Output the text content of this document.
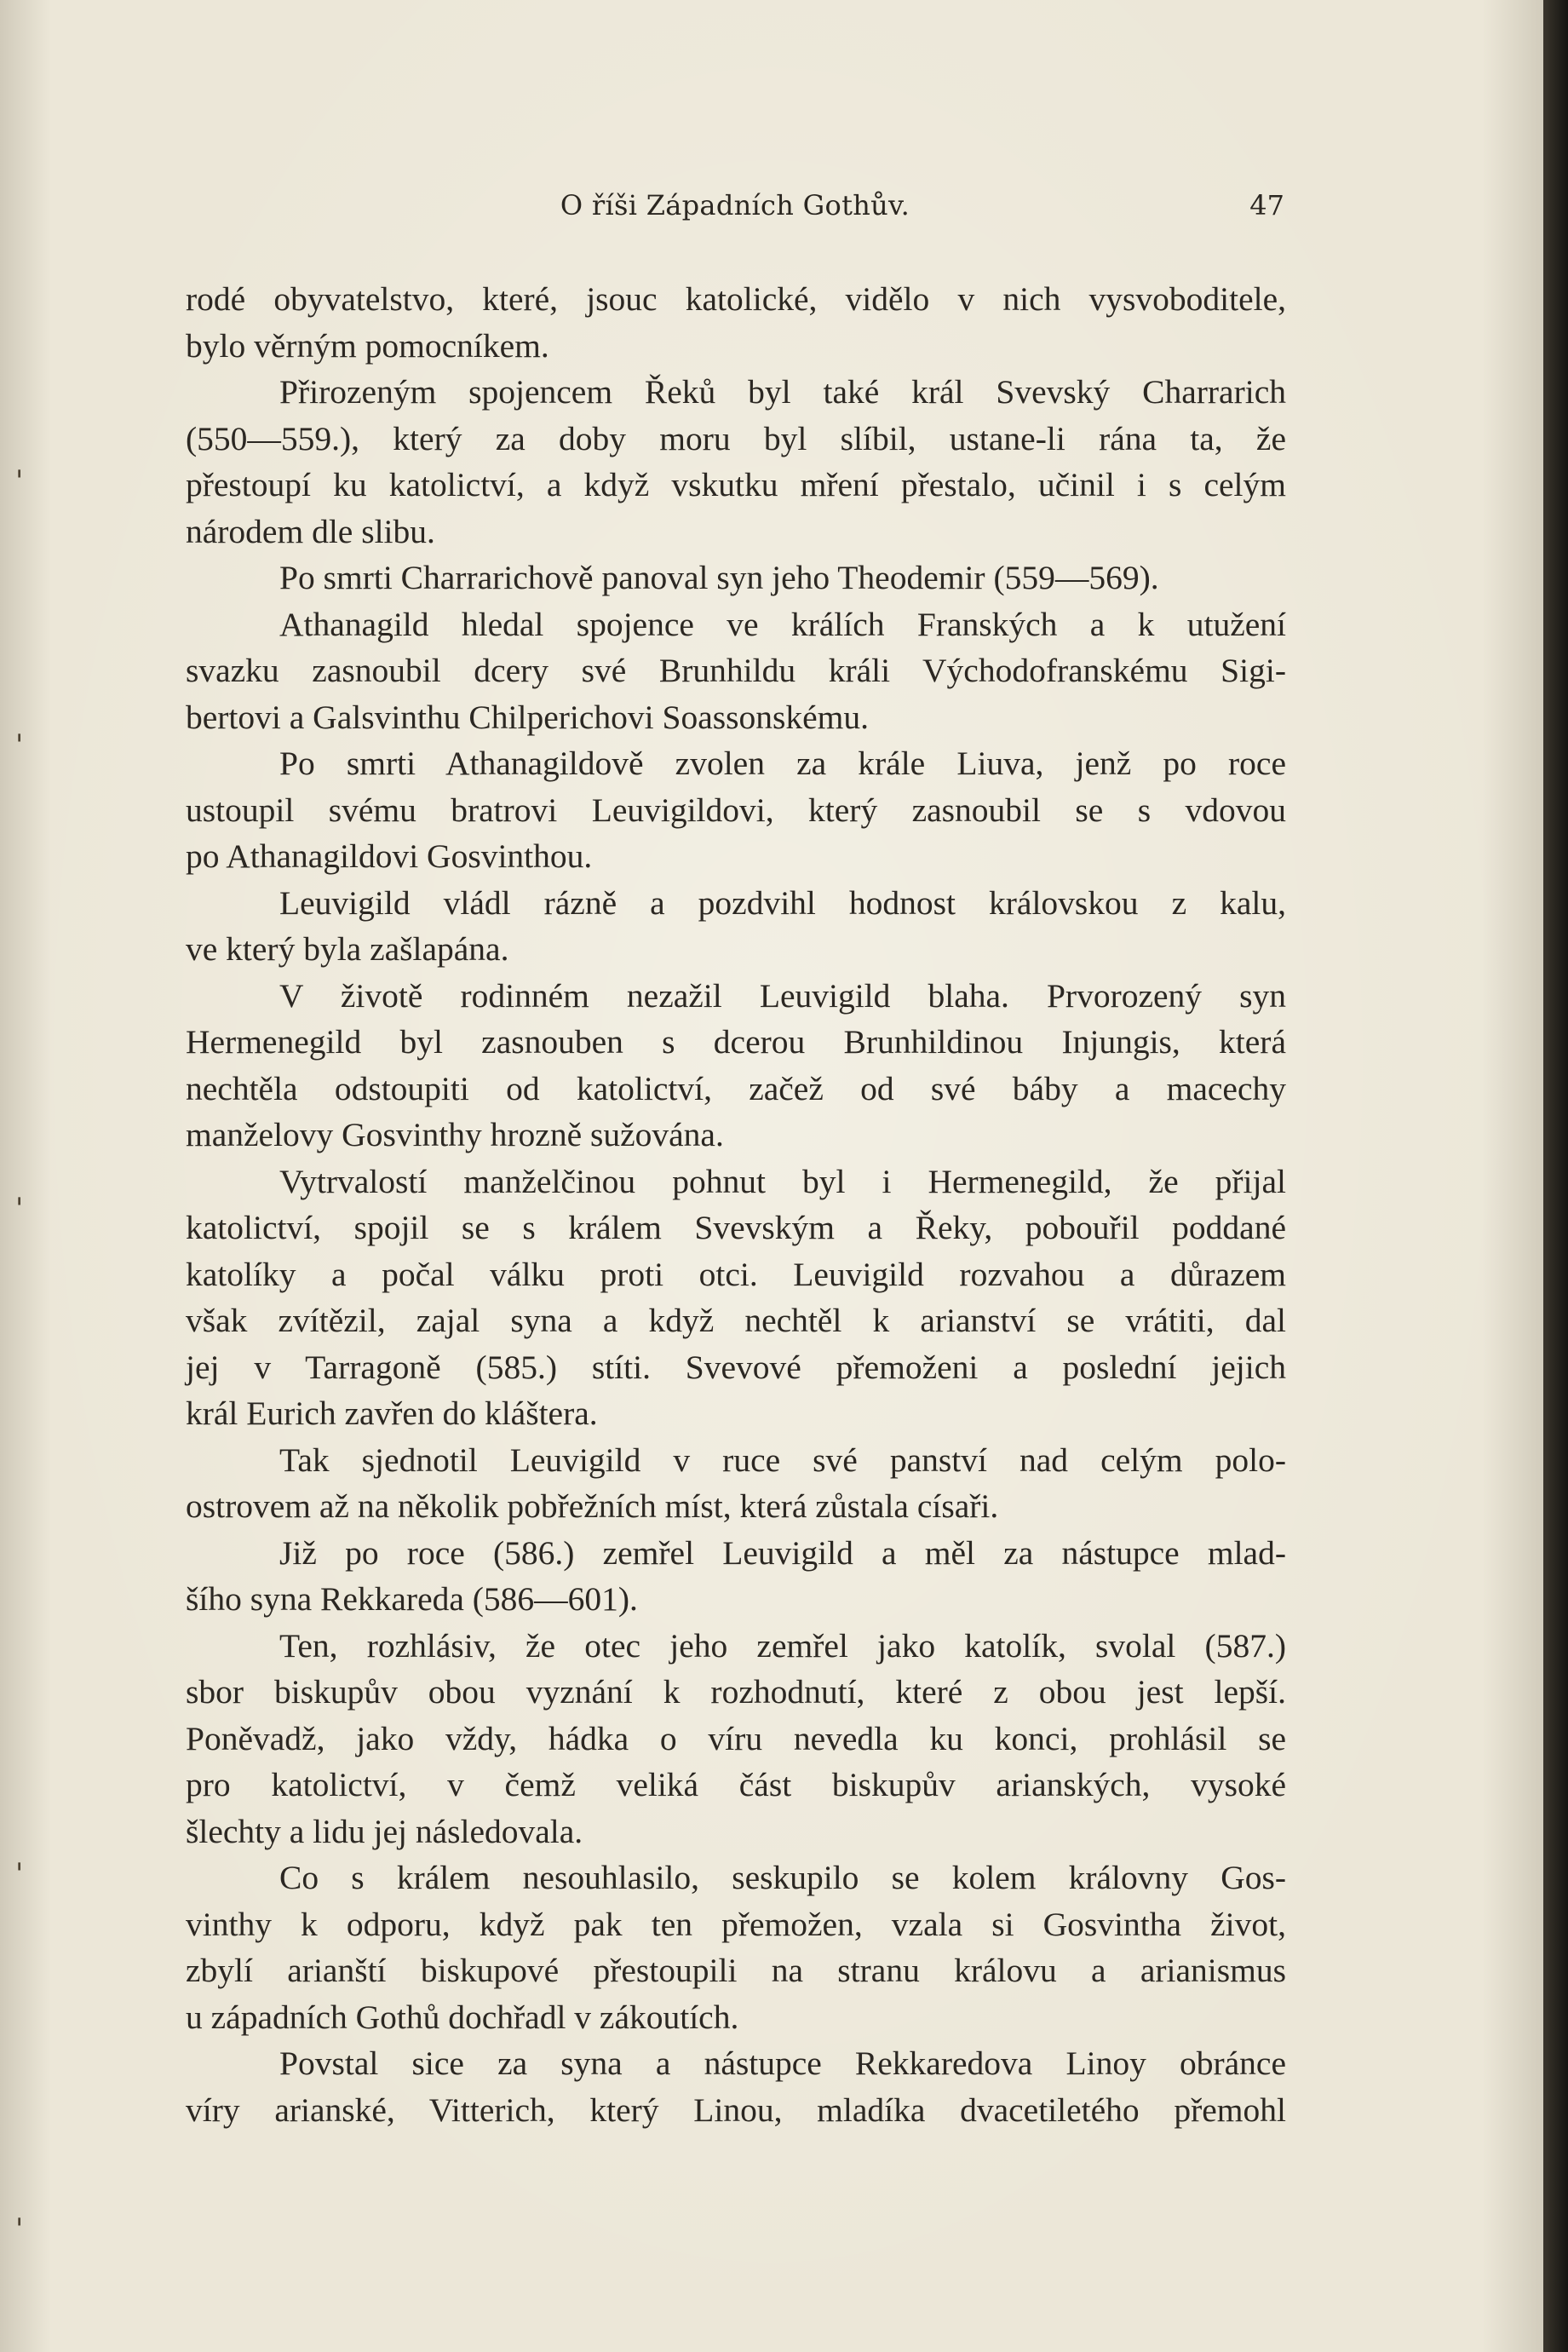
'
'
'
'
'
O říši Západních Gothův.	47

rodé obyvatelstvo, které, jsouc katolické, vidělo v nich vysvoboditele,
bylo věrným pomocníkem.

Přirozeným spojencem Řeků byl také král Svevský Charrarich
(550—559.), který za doby moru byl slíbil, ustane-li rána ta, že
přestoupí ku katolictví, a když vskutku mření přestalo, učinil i s celým
národem dle slibu.

Po smrti Charrarichově panoval syn jeho Theodemir (559—569).

Athanagild hledal spojence ve králích Franských a k utužení
svazku zasnoubil dcery své Brunhildu králi Východofranskému Sigi-
bertovi a Galsvinthu Chilperichovi Soassonskému.

Po smrti Athanagildově zvolen za krále Liuva, jenž po roce
ustoupil svému bratrovi Leuvigildovi, který zasnoubil se s vdovou
po Athanagildovi Gosvinthou.

Leuvigild vládl rázně a pozdvihl hodnost královskou z kalu,
ve který byla zašlapána.

V životě rodinném nezažil Leuvigild blaha. Prvorozený syn
Hermenegild byl zasnouben s dcerou Brunhildinou Injungis, která
nechtěla odstoupiti od katolictví, začež od své báby a macechy
manželovy Gosvinthy hrozně sužována.

Vytrvalostí manželčinou pohnut byl i Hermenegild, že přijal
katolictví, spojil se s králem Svevským a Řeky, pobouřil poddané
katolíky a počal válku proti otci. Leuvigild rozvahou a důrazem
však zvítězil, zajal syna a když nechtěl k arianství se vrátiti, dal
jej v Tarragoně (585.) stíti. Svevové přemoženi a poslední jejich
král Eurich zavřen do kláštera.

Tak sjednotil Leuvigild v ruce své panství nad celým polo-
ostrovem až na několik pobřežních míst, která zůstala císaři.

Již po roce (586.) zemřel Leuvigild a měl za nástupce mlad-
šího syna Rekkareda (586—601).

Ten, rozhlásiv, že otec jeho zemřel jako katolík, svolal (587.)
sbor biskupův obou vyznání k rozhodnutí, které z obou jest lepší.
Poněvadž, jako vždy, hádka o víru nevedla ku konci, prohlásil se
pro katolictví, v čemž veliká část biskupův arianských, vysoké
šlechty a lidu jej následovala.

Co s králem nesouhlasilo, seskupilo se kolem královny Gos-
vinthy k odporu, když pak ten přemožen, vzala si Gosvintha život,
zbylí arianští biskupové přestoupili na stranu královu a arianismus
u západních Gothů dochřadl v zákoutích.

Povstal sice za syna a nástupce Rekkaredova Linoy obránce
víry arianské, Vitterich, který Linou, mladíka dvacetiletého přemohl
